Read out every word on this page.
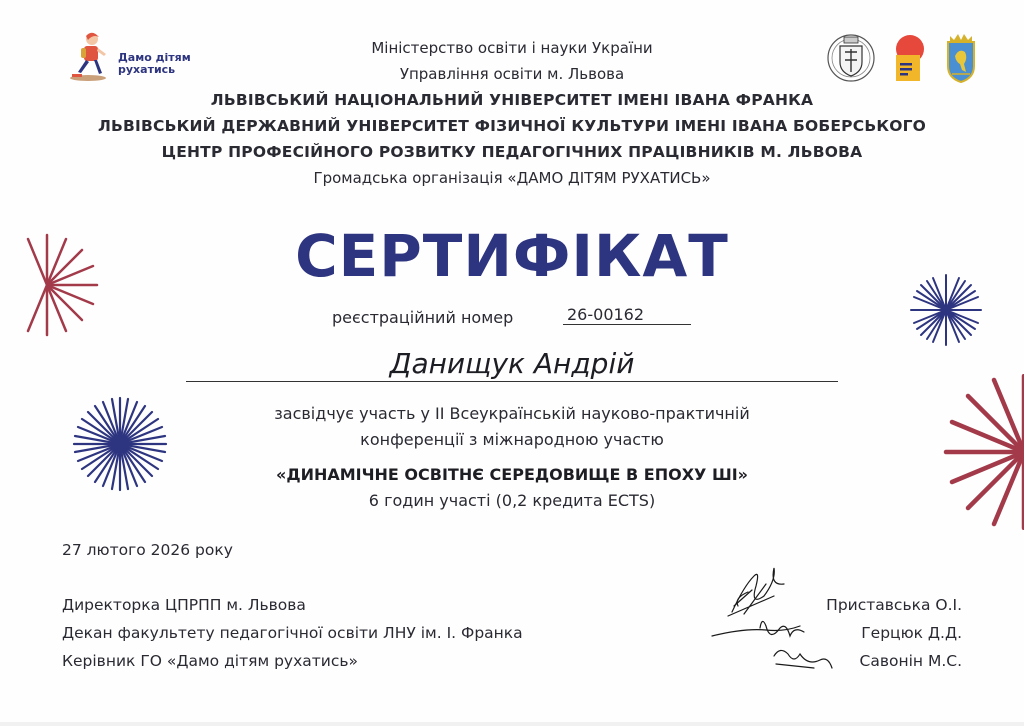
Дамо дітям
рухатись
Міністерство освіти і науки України
Управління освіти м. Львова
ЛЬВІВСЬКИЙ НАЦІОНАЛЬНИЙ УНІВЕРСИТЕТ ІМЕНІ ІВАНА ФРАНКА
ЛЬВІВСЬКИЙ ДЕРЖАВНИЙ УНІВЕРСИТЕТ ФІЗИЧНОЇ КУЛЬТУРИ ІМЕНІ ІВАНА БОБЕРСЬКОГО
ЦЕНТР ПРОФЕСІЙНОГО РОЗВИТКУ ПЕДАГОГІЧНИХ ПРАЦІВНИКІВ М. ЛЬВОВА
Громадська організація «ДАМО ДІТЯМ РУХАТИСЬ»
СЕРТИФІКАТ
реєстраційний номер	26-00162
Данищук Андрій
засвідчує участь у ІІ Всеукраїнській науково-практичній
конференції з міжнародною участю
«ДИНАМІЧНЕ ОСВІТНЄ СЕРЕДОВИЩЕ В ЕПОХУ ШІ»
6 годин участі (0,2 кредита ECTS)
27 лютого 2026 року
Директорка ЦПРПП м. Львова
Декан факультету педагогічної освіти ЛНУ ім. І. Франка
Керівник ГО «Дамо дітям рухатись»
Приставська О.І.
Герцюк Д.Д.
Савонін М.С.
